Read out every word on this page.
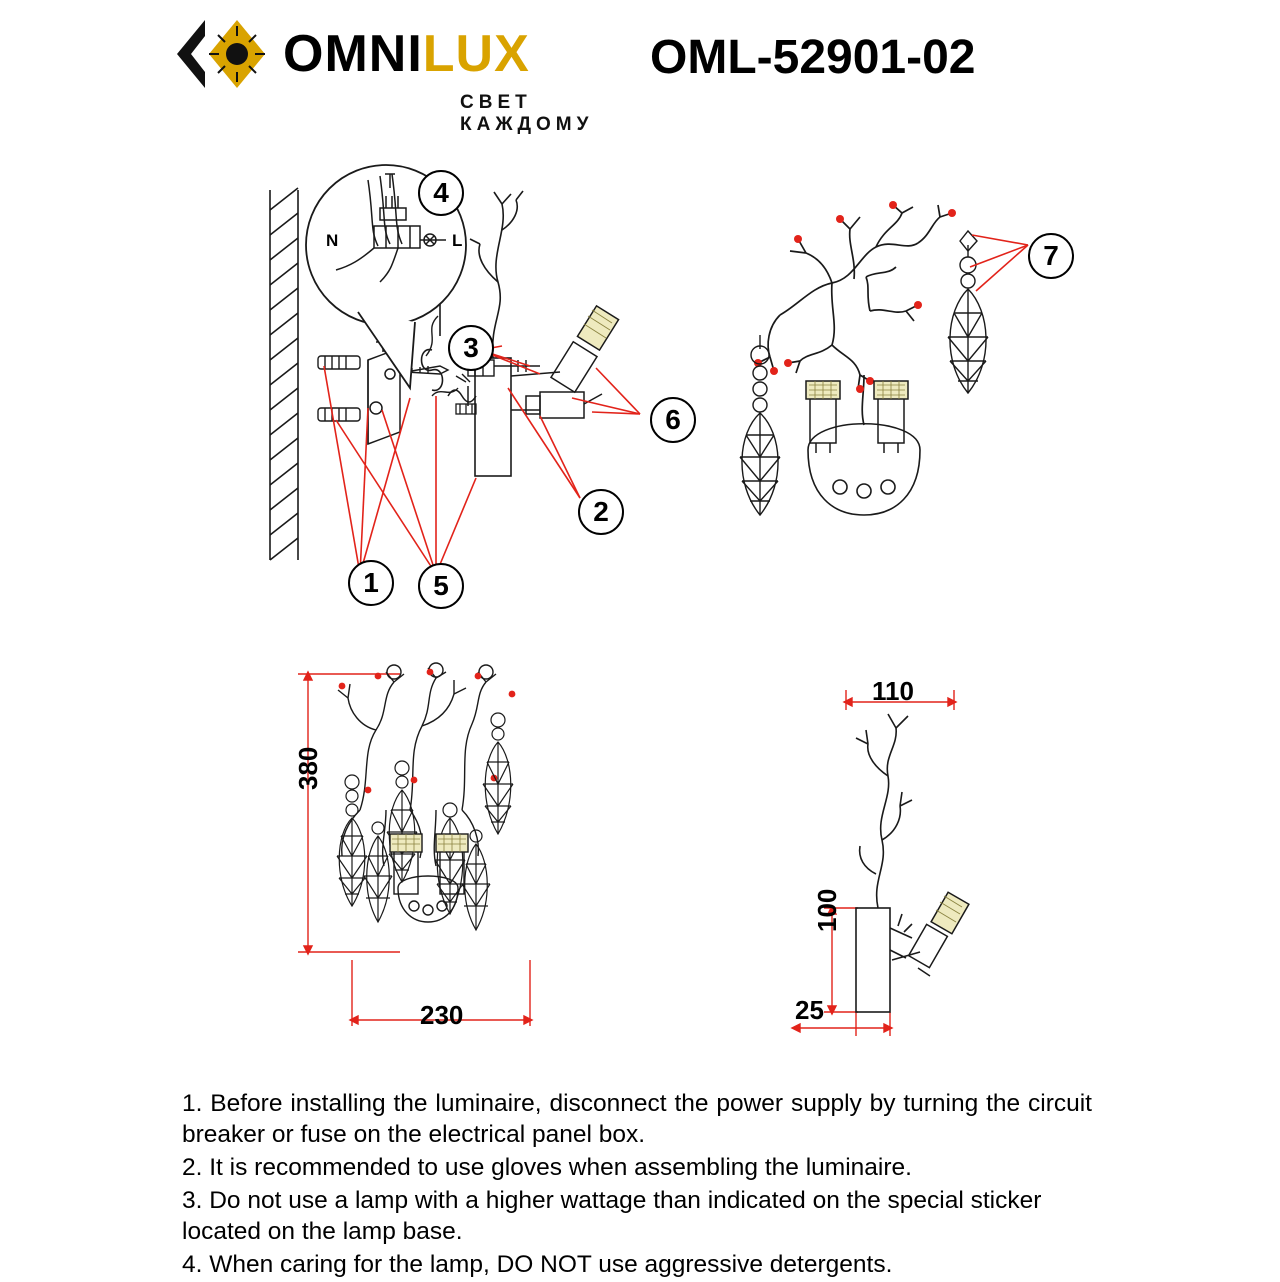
OMNILUX
СВЕТ КАЖДОМУ
OML-52901-02
N	L
4
3
6
2
1	5
7
380
230
110
100
25

1. Before installing the luminaire, disconnect the power supply by turning the circuit breaker or fuse on the electrical panel box.

2. It is recommended to use gloves when assembling the luminaire.

3. Do not use a lamp with a higher wattage than indicated on the special sticker located on the lamp base.

4. When caring for the lamp, DO NOT use aggressive detergents.
